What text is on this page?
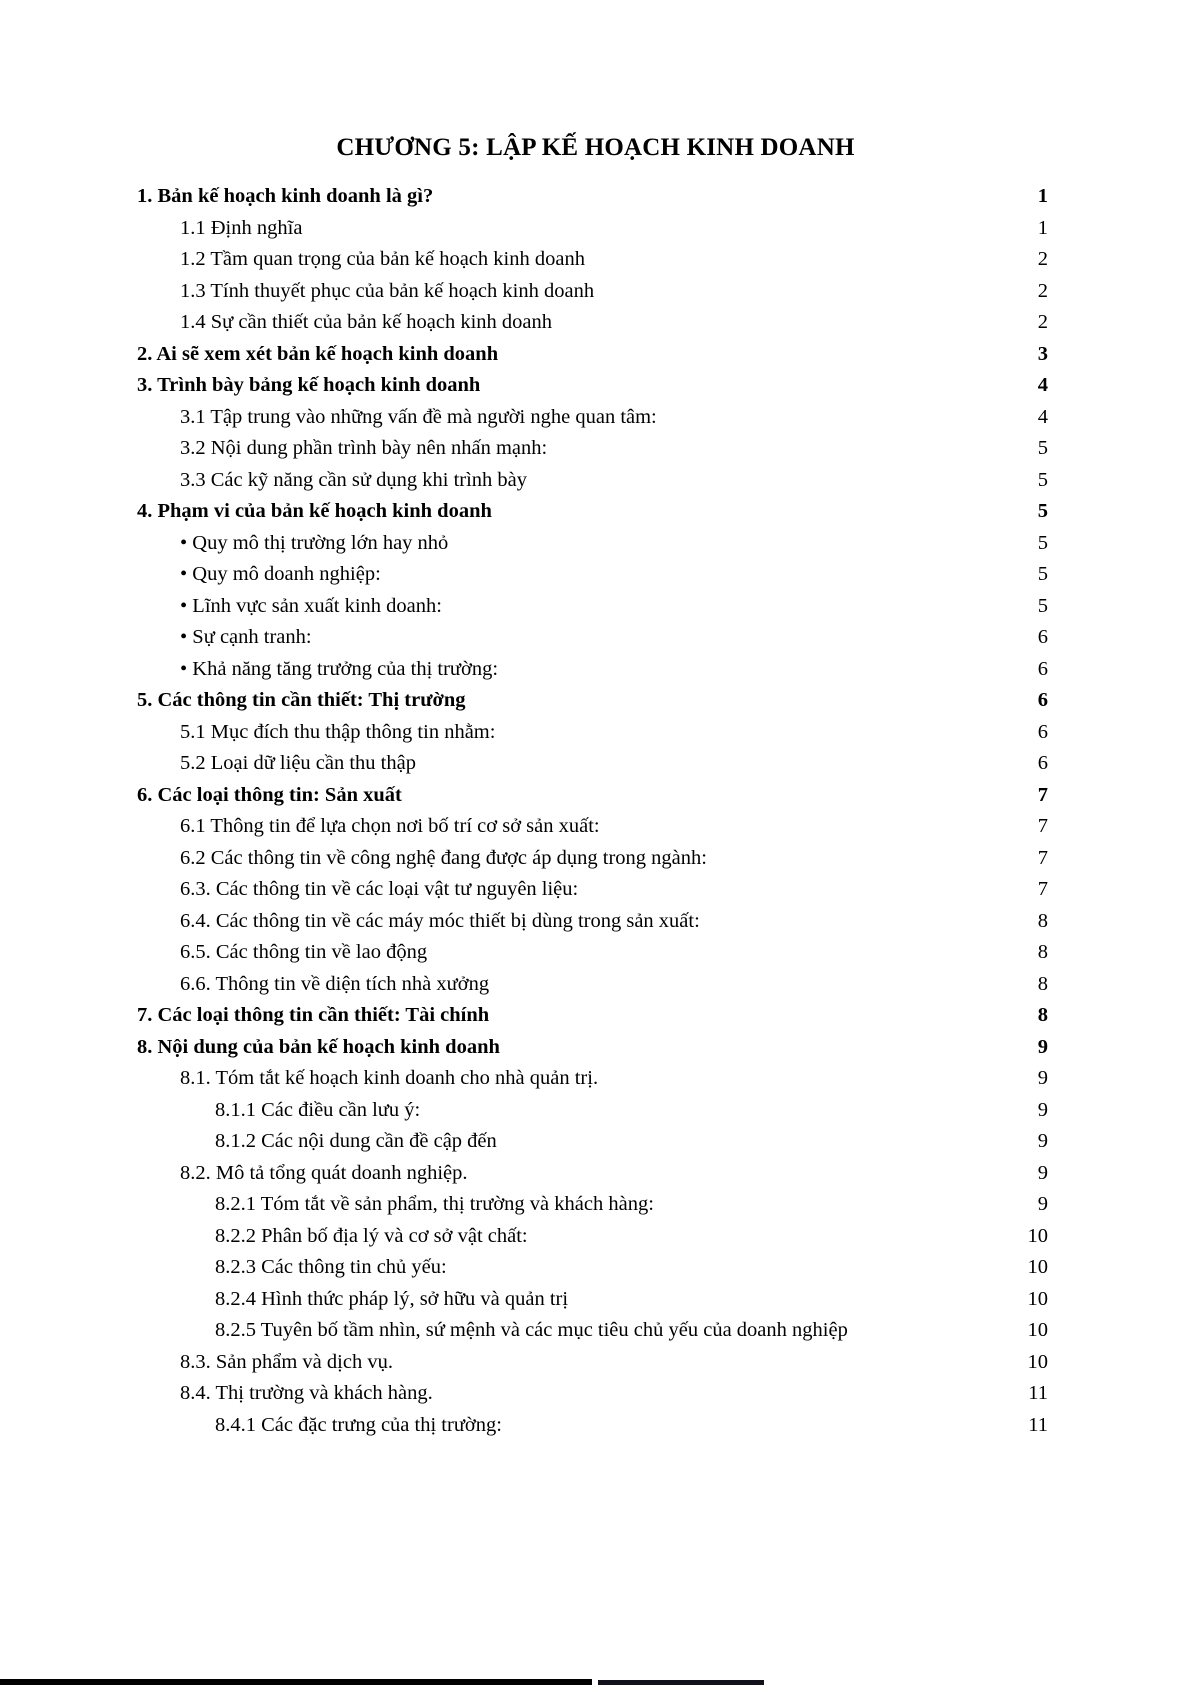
CHƯƠNG 5: LẬP KẾ HOẠCH KINH DOANH
1. Bản kế hoạch kinh doanh là gì?	1
1.1 Định nghĩa	1
1.2 Tầm quan trọng của bản kế hoạch kinh doanh	2
1.3 Tính thuyết phục của bản kế hoạch kinh doanh	2
1.4 Sự cần thiết của bản kế hoạch kinh doanh	2
2. Ai sẽ xem xét bản kế hoạch kinh doanh	3
3. Trình bày bảng kế hoạch kinh doanh	4
3.1 Tập trung vào những vấn đề mà người nghe quan tâm:	4
3.2 Nội dung phần trình bày nên nhấn mạnh:	5
3.3 Các kỹ năng cần sử dụng khi trình bày	5
4. Phạm vi của bản kế hoạch kinh doanh	5
• Quy mô thị trường lớn hay nhỏ	5
• Quy mô doanh nghiệp:	5
• Lĩnh vực sản xuất kinh doanh:	5
• Sự cạnh tranh:	6
• Khả năng tăng trưởng của thị trường:	6
5. Các thông tin cần thiết: Thị trường	6
5.1 Mục đích thu thập thông tin nhằm:	6
5.2 Loại dữ liệu cần thu thập	6
6. Các loại thông tin: Sản xuất	7
6.1 Thông tin để lựa chọn nơi bố trí cơ sở sản xuất:	7
6.2 Các thông tin về công nghệ đang được áp dụng trong ngành:	7
6.3. Các thông tin về các loại vật tư nguyên liệu:	7
6.4. Các thông tin về các máy móc thiết bị dùng trong sản xuất:	8
6.5. Các thông tin về lao động	8
6.6. Thông tin về diện tích nhà xưởng	8
7. Các loại thông tin cần thiết: Tài chính	8
8. Nội dung của bản kế hoạch kinh doanh	9
8.1. Tóm tắt kế hoạch kinh doanh cho nhà quản trị.	9
8.1.1 Các điều cần lưu ý:	9
8.1.2 Các nội dung cần đề cập đến	9
8.2. Mô tả tổng quát doanh nghiệp.	9
8.2.1 Tóm tắt về sản phẩm, thị trường và khách hàng:	9
8.2.2 Phân bố địa lý và cơ sở vật chất:	10
8.2.3 Các thông tin chủ yếu:	10
8.2.4 Hình thức pháp lý, sở hữu và quản trị	10
8.2.5 Tuyên bố tầm nhìn, sứ mệnh và các mục tiêu chủ yếu của doanh nghiệp	10
8.3. Sản phẩm và dịch vụ.	10
8.4. Thị trường và khách hàng.	11
8.4.1 Các đặc trưng của thị trường:	11
